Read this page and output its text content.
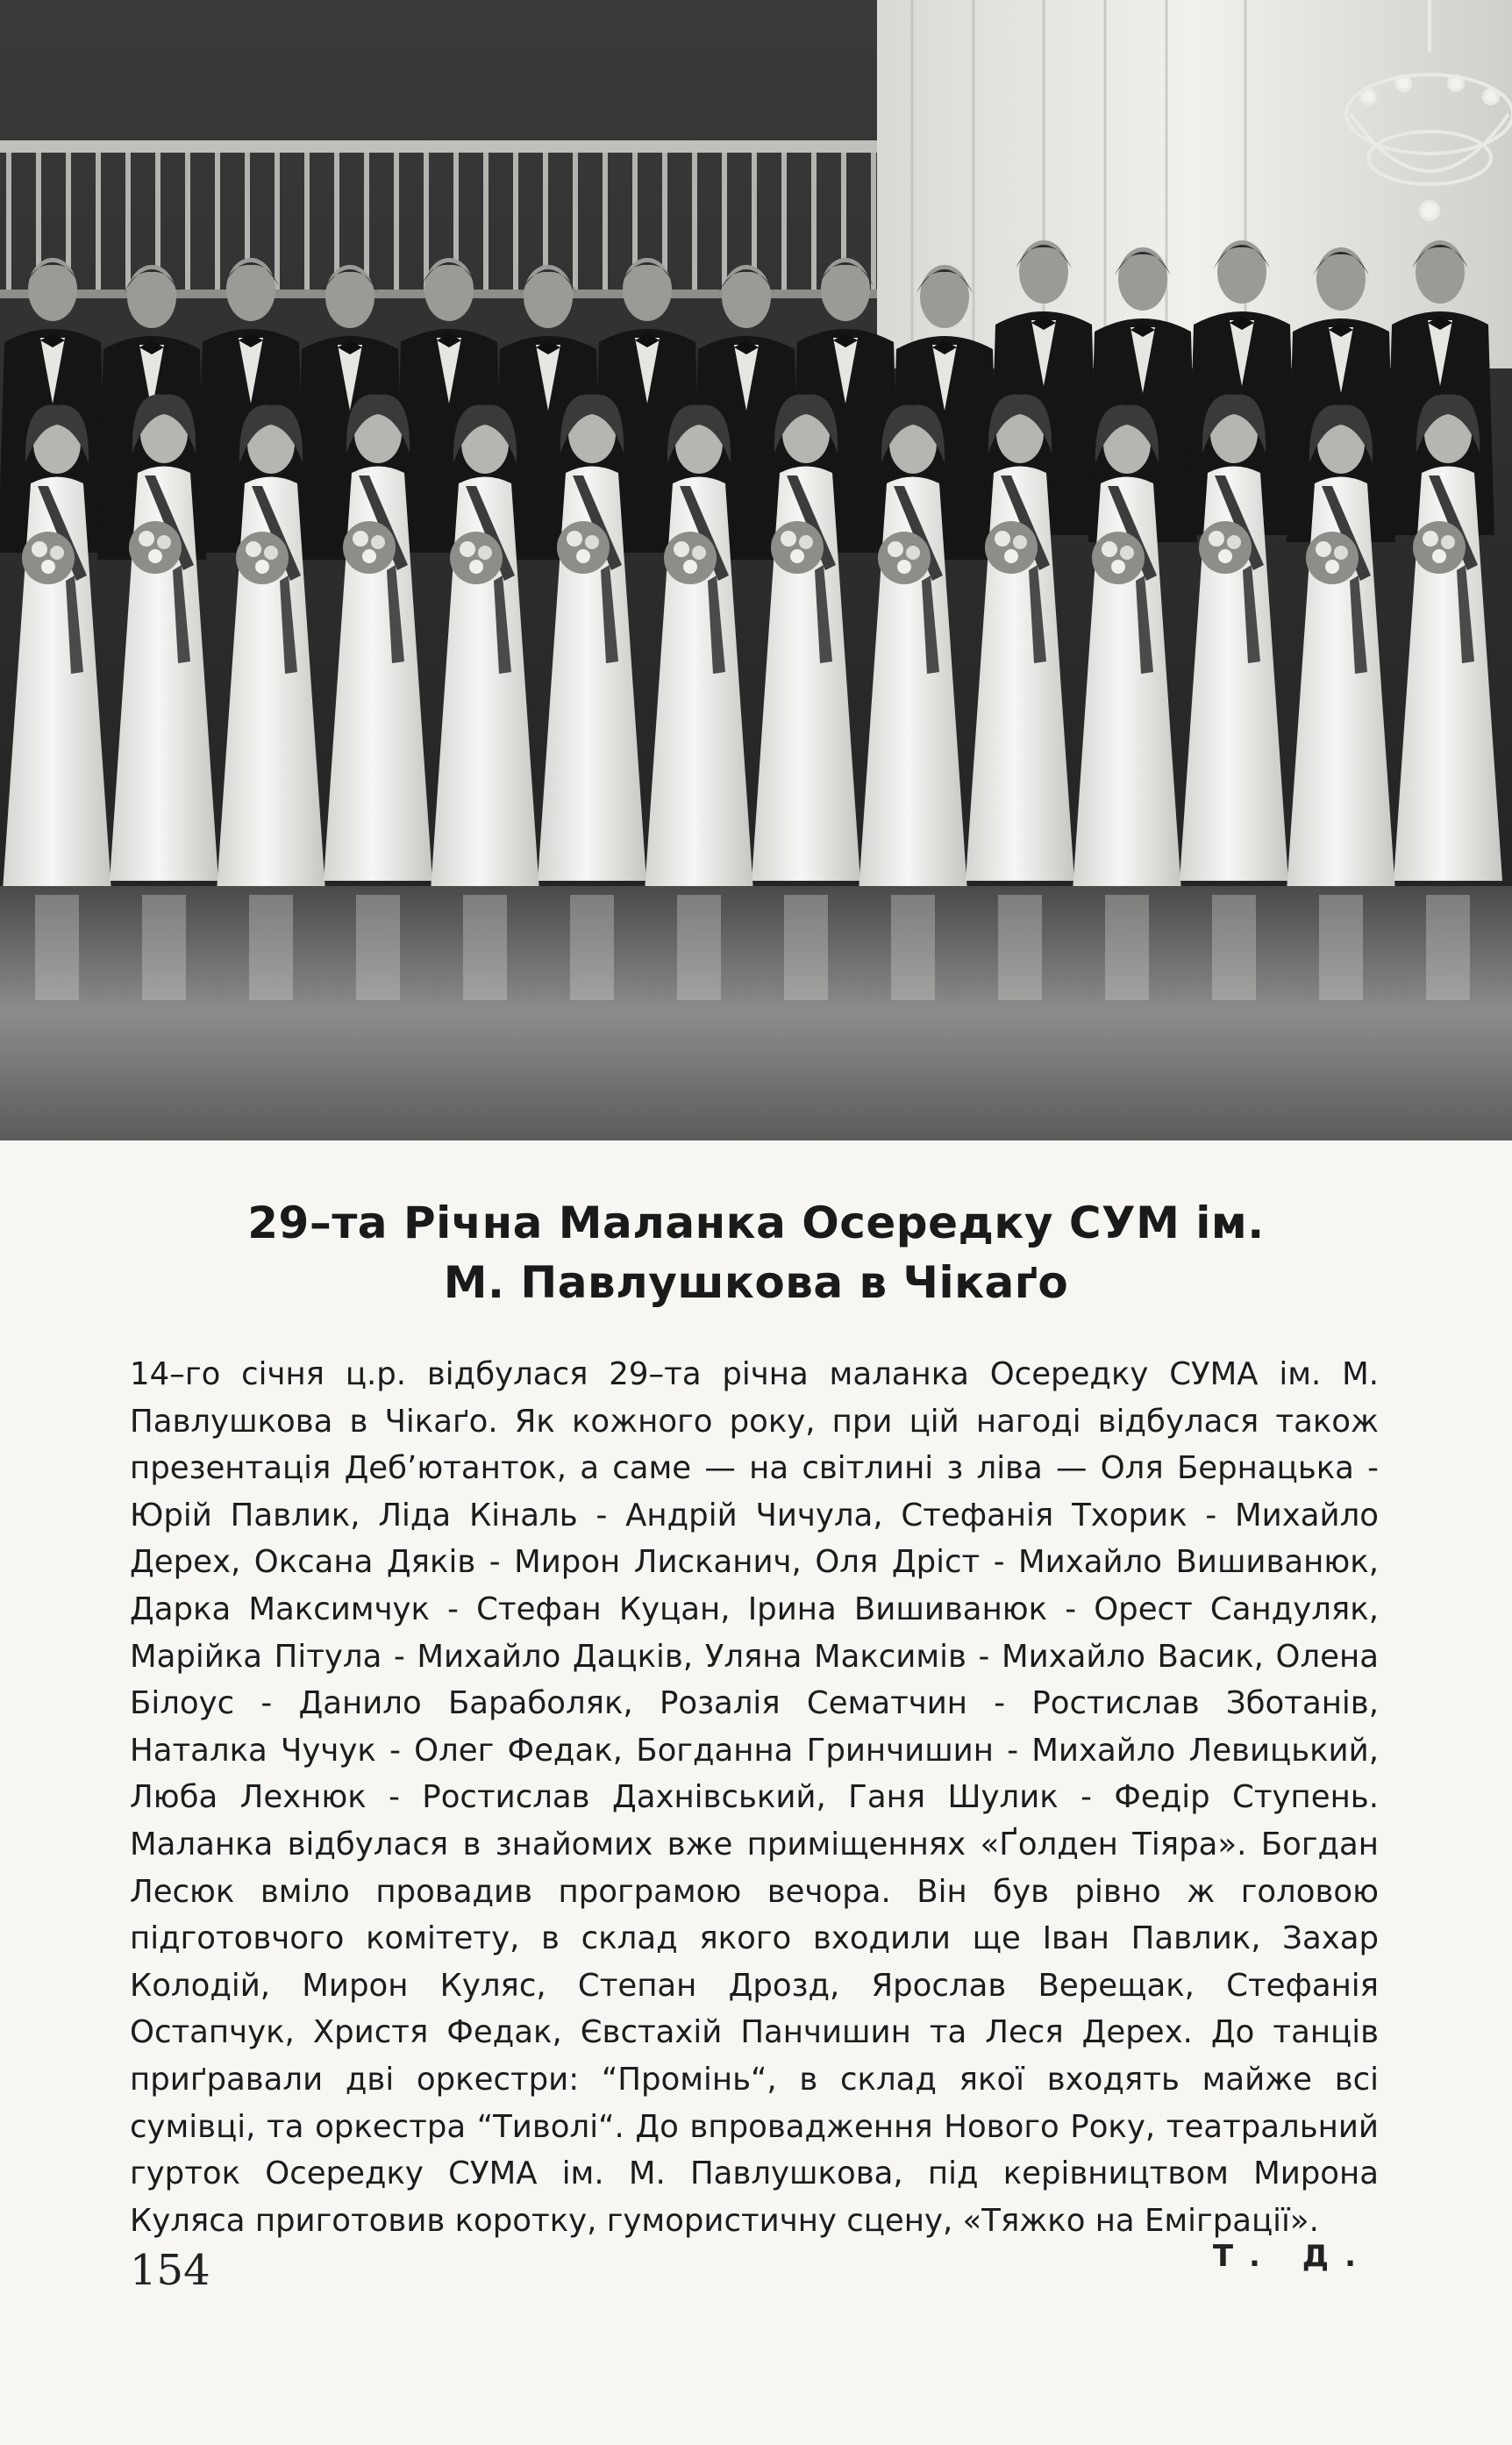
29–та Річна Маланка Осередку СУМ ім.
М. Павлушкова в Чікаґо
14–го січня ц.р. відбулася 29–та річна маланка Осередку СУМА ім. М. Павлушкова в Чікаґо. Як кожного року, при цій нагоді відбулася також презентація Деб’ютанток, а саме — на світлині з ліва — Оля Бернацька - Юрій Павлик, Ліда Кіналь - Андрій Чичула, Стефанія Тхорик - Михайло Дерех, Оксана Дяків - Мирон Лисканич, Оля Дріст - Михайло Вишиванюк, Дарка Максимчук - Стефан Куцан, Ірина Вишиванюк - Орест Сандуляк, Марійка Пітула - Михайло Дацків, Уляна Максимів - Михайло Васик, Олена Білоус - Данило Бараболяк, Розалія Сематчин - Ростислав Зботанів, Наталка Чучук - Олег Федак, Богданна Гринчишин - Михайло Левицький, Люба Лехнюк - Ростислав Дахнівський, Ганя Шулик - Федір Ступень. Маланка відбулася в знайомих вже приміщеннях «Ґолден Тіяра». Богдан Лесюк вміло провадив програмою вечора. Він був рівно ж головою підготовчого комітету, в склад якого входили ще Іван Павлик, Захар Колодій, Мирон Куляс, Степан Дрозд, Ярослав Верещак, Стефанія Остапчук, Христя Федак, Євстахій Панчишин та Леся Дерех. До танців приґравали дві оркестри: “Промінь“, в склад якої входять майже всі сумівці, та оркестра “Тиволі“. До впровадження Нового Року, театральний гурток Осередку СУМА ім. М. Павлушкова, під керівництвом Мирона Куляса приготовив коротку, гумористичну сцену, «Тяжко на Еміграції».
154	Т. Д.
